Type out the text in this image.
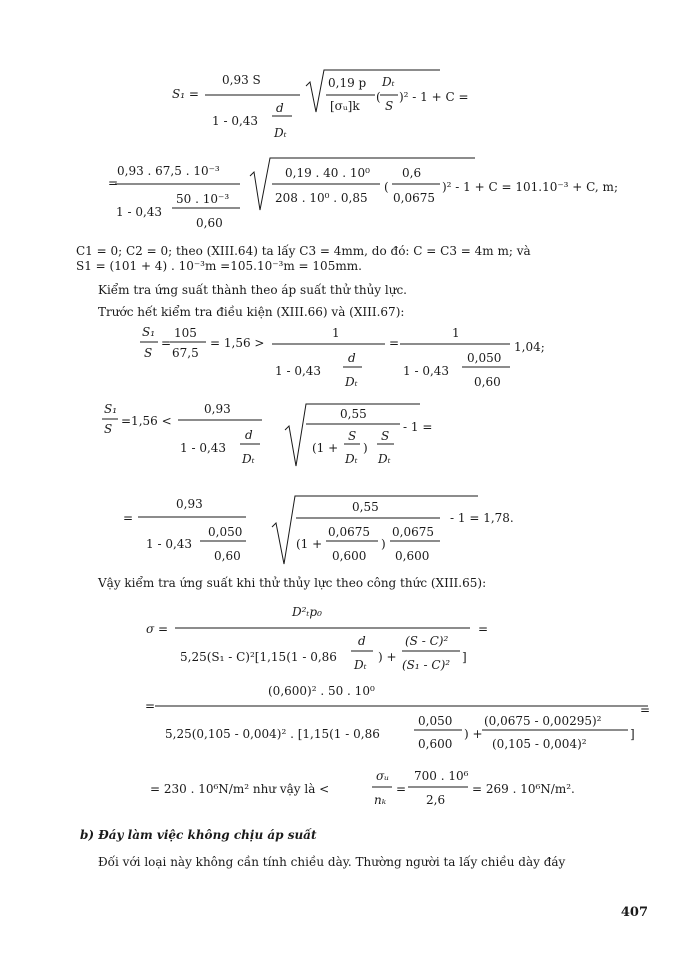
S₁ =
0,93 S
1 - 0,43
d
Dₜ
0,19 p
[σᵤ]k
(
Dₜ
S
)² - 1 + C =
=
0,93 . 67,5 . 10⁻³
1 - 0,43
50 . 10⁻³
0,60
0,19 . 40 . 10⁰
208 . 10⁰ . 0,85
(
0,6
0,0675
)² - 1 + C = 101.10⁻³ + C, m;
S₁
S
=
105
67,5
= 1,56 >
1
1 - 0,43
d
Dₜ
=
1
1 - 0,43
0,050
0,60
1,04;
S₁
S
=1,56 <
0,93
1 - 0,43
d
Dₜ
0,55
(1 +
S
Dₜ
)
S
Dₜ
- 1 =
=
0,93
1 - 0,43
0,050
0,60
0,55
(1 +
0,0675
0,600
)
0,0675
0,600
- 1 = 1,78.
σ =
D²ₜp₀
5,25(S₁ - C)²[1,15(1 - 0,86
d
Dₜ
) +
(S - C)²
(S₁ - C)²
]
=
=
(0,600)² . 50 . 10⁰
5,25(0,105 - 0,004)² . [1,15(1 - 0,86
0,050
0,600
) +
(0,0675 - 0,00295)²
(0,105 - 0,004)²
]
=
= 230 . 10⁶N/m² như vậy là <
σᵤ
nₖ
=
700 . 10⁶
2,6
= 269 . 10⁶N/m².
C1 = 0; C2 = 0; theo (XIII.64) ta lấy C3 = 4mm, do đó: C = C3 = 4m m; và
S1 = (101 + 4) . 10⁻³m =105.10⁻³m = 105mm.
Kiểm tra ứng suất thành theo áp suất thử thủy lực.
Trước hết kiểm tra điều kiện (XIII.66) và (XIII.67):
Vậy kiểm tra ứng suất khi thử thủy lực theo công thức (XIII.65):
b) Đáy làm việc không chịu áp suất
Đối với loại này không cần tính chiều dày. Thường người ta lấy chiều dày đáy
407
